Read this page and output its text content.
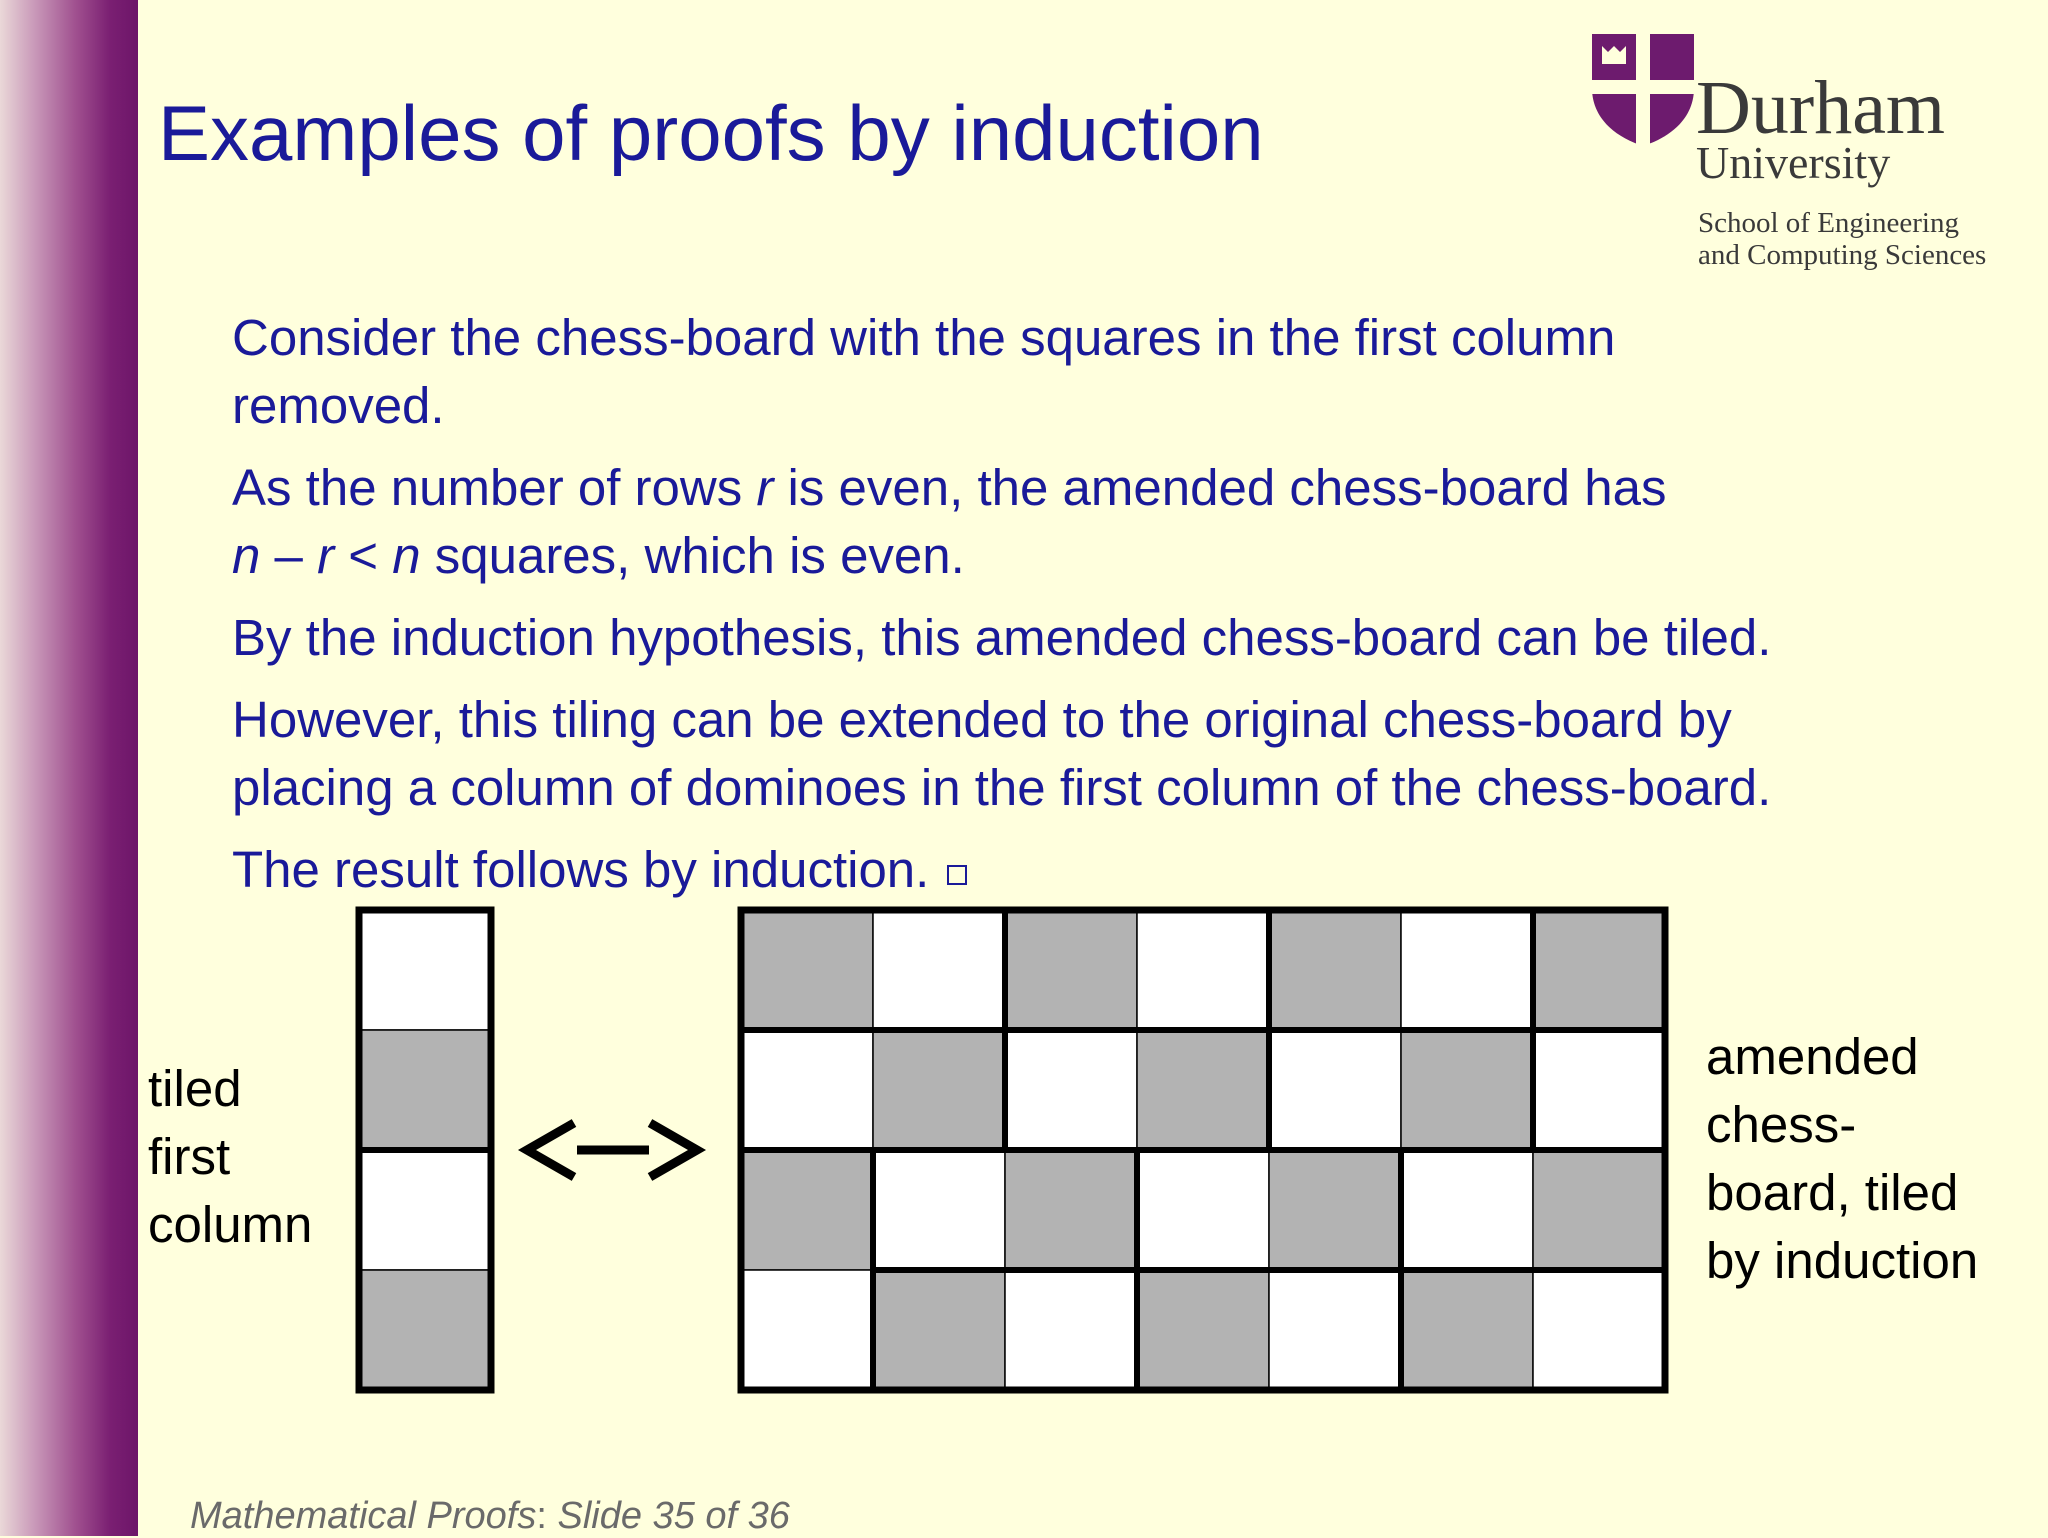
Examples of proofs by induction	Durham
University
School of Engineering
and Computing Sciences

Consider the chess-board with the squares in the first column
removed.

As the number of rows r is even, the amended chess-board has
n – r < n squares, which is even.

By the induction hypothesis, this amended chess-board can be tiled.

However, this tiling can be extended to the original chess-board by
placing a column of dominoes in the first column of the chess-board.

The result follows by induction.

tiled
first
column
amended
chess-
board, tiled
by induction
Mathematical Proofs: Slide 35 of 36
